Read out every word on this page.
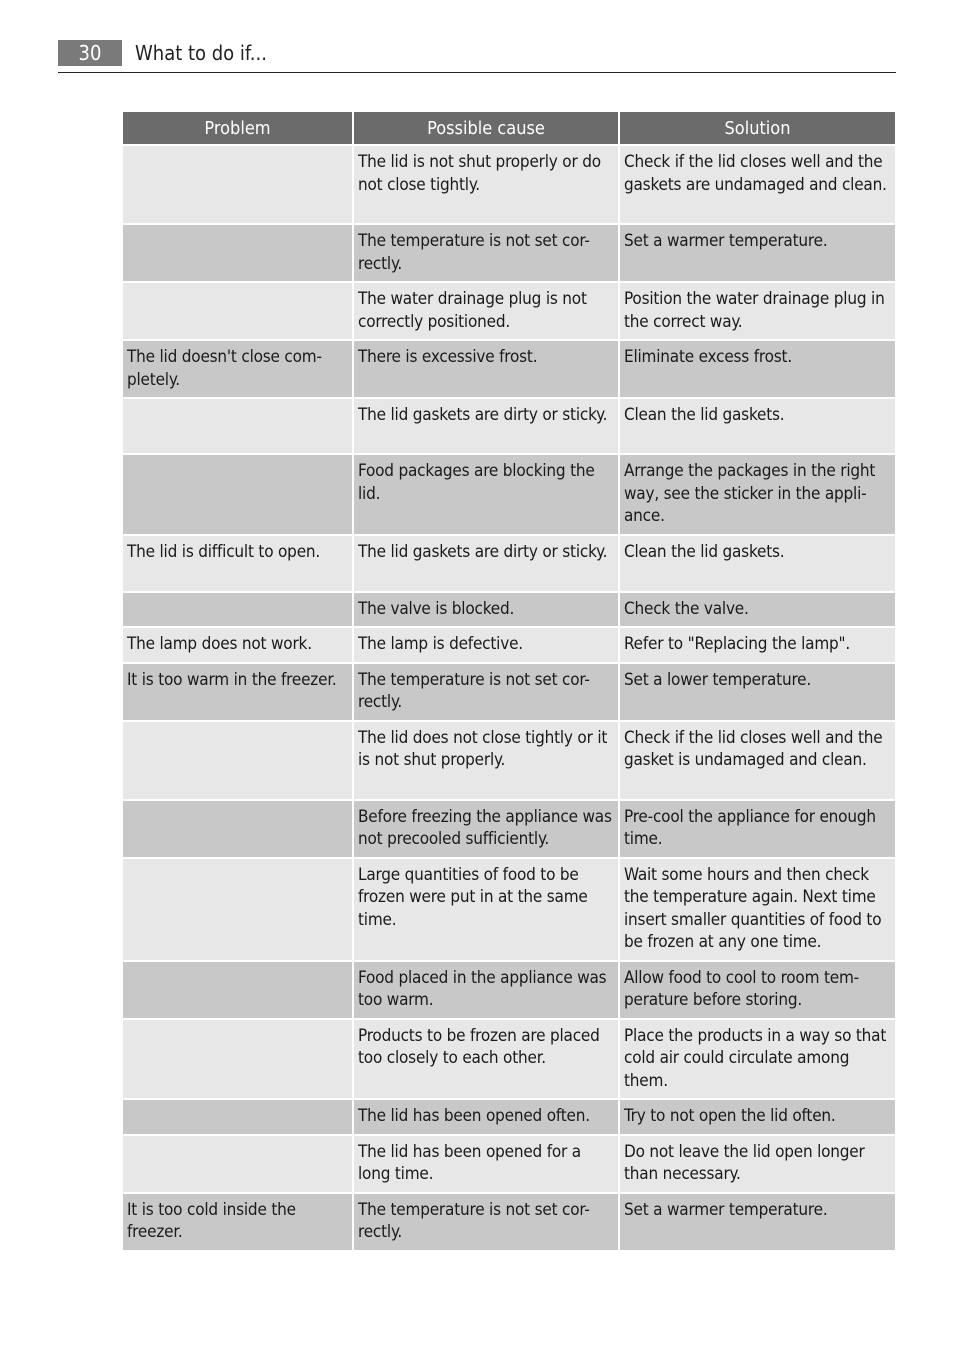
30	What to do if...
Problem	Possible cause	Solution
	The lid is not shut properly or do not close tightly.	Check if the lid closes well and the gaskets are undamaged and clean.
	The temperature is not set cor-rectly.	Set a warmer temperature.
	The water drainage plug is not correctly positioned.	Position the water drainage plug in the correct way.
The lid doesn't close com-pletely.	There is excessive frost.	Eliminate excess frost.
	The lid gaskets are dirty or sticky.	Clean the lid gaskets.
	Food packages are blocking the lid.	Arrange the packages in the right way, see the sticker in the appli-ance.
The lid is difficult to open.	The lid gaskets are dirty or sticky.	Clean the lid gaskets.
	The valve is blocked.	Check the valve.
The lamp does not work.	The lamp is defective.	Refer to "Replacing the lamp".
It is too warm in the freezer.	The temperature is not set cor-rectly.	Set a lower temperature.
	The lid does not close tightly or it is not shut properly.	Check if the lid closes well and the gasket is undamaged and clean.
	Before freezing the appliance was not precooled sufficiently.	Pre-cool the appliance for enough time.
	Large quantities of food to be frozen were put in at the same time.	Wait some hours and then check the temperature again. Next time insert smaller quantities of food to be frozen at any one time.
	Food placed in the appliance was too warm.	Allow food to cool to room tem-perature before storing.
	Products to be frozen are placed too closely to each other.	Place the products in a way so that cold air could circulate among them.
	The lid has been opened often.	Try to not open the lid often.
	The lid has been opened for a long time.	Do not leave the lid open longer than necessary.
It is too cold inside the freezer.	The temperature is not set cor-rectly.	Set a warmer temperature.
